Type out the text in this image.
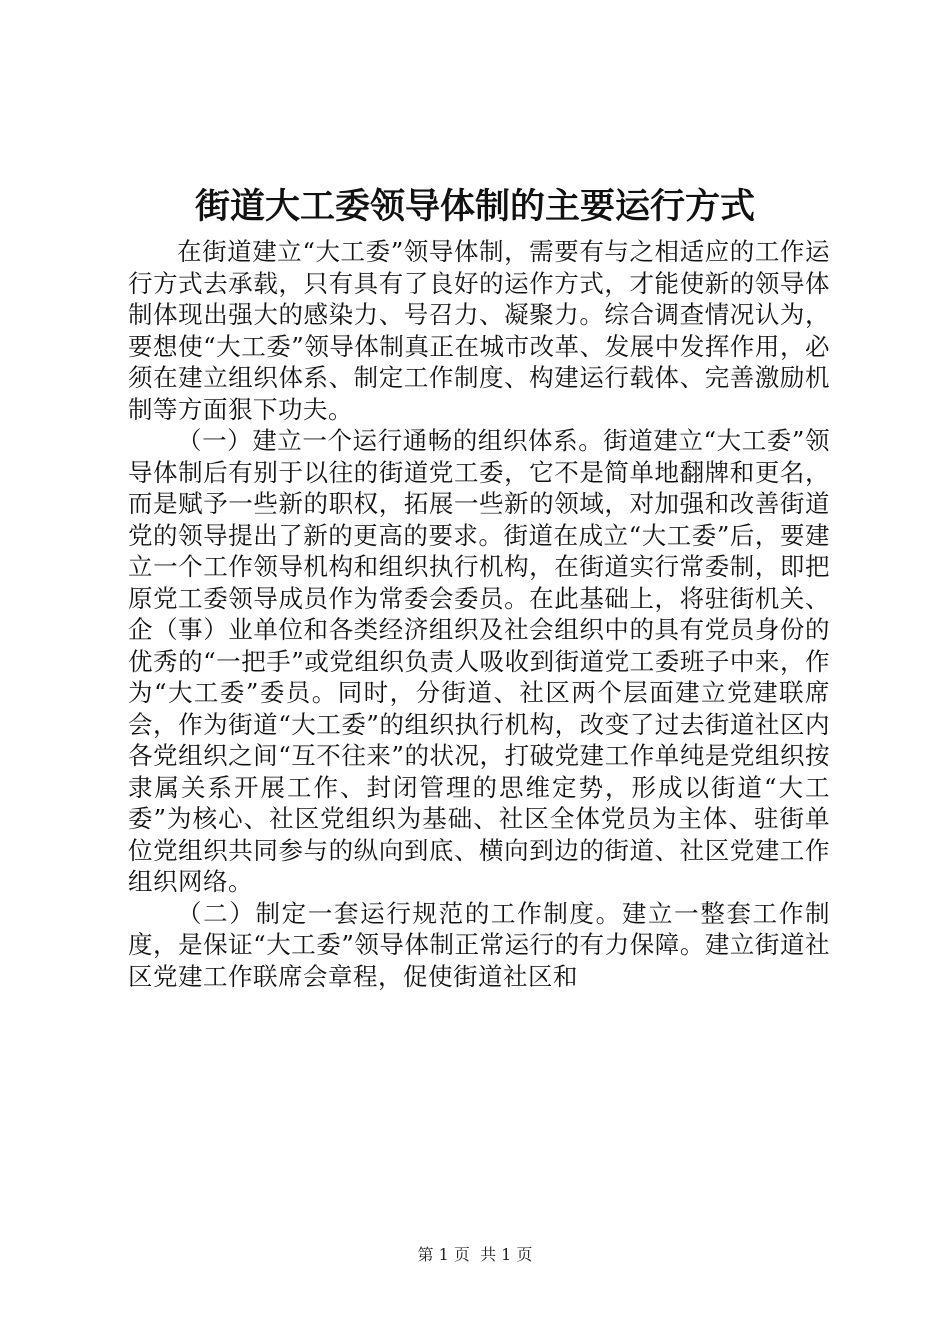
街道大工委领导体制的主要运行方式

在街道建立“大工委”领导体制，需要有与之相适应的工作运行方式去承载，只有具有了良好的运作方式，才能使新的领导体制体现出强大的感染力、号召力、凝聚力。综合调查情况认为，要想使“大工委”领导体制真正在城市改革、发展中发挥作用，必须在建立组织体系、制定工作制度、构建运行载体、完善激励机制等方面狠下功夫。

（一）建立一个运行通畅的组织体系。街道建立“大工委”领导体制后有别于以往的街道党工委，它不是简单地翻牌和更名，而是赋予一些新的职权，拓展一些新的领域，对加强和改善街道党的领导提出了新的更高的要求。街道在成立“大工委”后，要建立一个工作领导机构和组织执行机构，在街道实行常委制，即把原党工委领导成员作为常委会委员。在此基础上，将驻街机关、企（事）业单位和各类经济组织及社会组织中的具有党员身份的优秀的“一把手”或党组织负责人吸收到街道党工委班子中来，作为“大工委”委员。同时，分街道、社区两个层面建立党建联席会，作为街道“大工委”的组织执行机构，改变了过去街道社区内各党组织之间“互不往来”的状况，打破党建工作单纯是党组织按隶属关系开展工作、封闭管理的思维定势，形成以街道“大工委”为核心、社区党组织为基础、社区全体党员为主体、驻街单位党组织共同参与的纵向到底、横向到边的街道、社区党建工作组织网络。

（二）制定一套运行规范的工作制度。建立一整套工作制度，是保证“大工委”领导体制正常运行的有力保障。建立街道社区党建工作联席会章程，促使街道社区和

第 1 页  共 1 页
